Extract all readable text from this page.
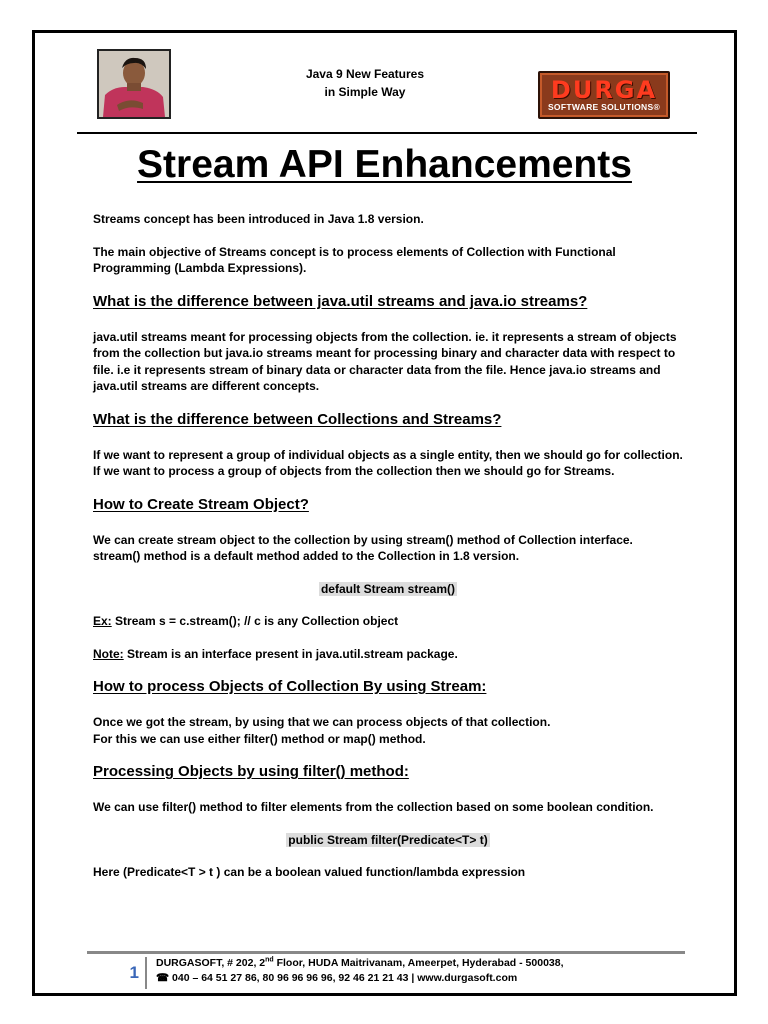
Java 9 New Features
in Simple Way	DURGA
SOFTWARE SOLUTIONS®
Stream API Enhancements

Streams concept has been introduced in Java 1.8 version.

The main objective of Streams concept is to process elements of Collection with Functional Programming (Lambda Expressions).

What is the difference between java.util streams and java.io streams?

java.util streams meant for processing objects from the collection. ie. it represents a stream of objects from the collection but java.io streams meant for processing binary and character data with respect to file. i.e it represents stream of binary data or character data from the file. Hence java.io streams and java.util streams are different concepts.

What is the difference between Collections and Streams?

If we want to represent a group of individual objects as a single entity, then we should go for collection. If we want to process a group of objects from the collection then we should go for Streams.

How to Create Stream Object?

We can create stream object to the collection by using stream() method of Collection interface. stream() method is a default method added to the Collection in 1.8 version.

default Stream stream()

Ex: Stream s = c.stream(); // c is any Collection object

Note: Stream is an interface present in java.util.stream package.

How to process Objects of Collection By using Stream:

Once we got the stream, by using that we can process objects of that collection.
For this we can use either filter() method or map() method.

Processing Objects by using filter() method:

We can use filter() method to filter elements from the collection based on some boolean condition.

public Stream filter(Predicate<T> t)

Here (Predicate<T > t ) can be a boolean valued function/lambda expression

1	DURGASOFT, # 202, 2nd Floor, HUDA Maitrivanam, Ameerpet, Hyderabad - 500038,
☎ 040 – 64 51 27 86, 80 96 96 96 96, 92 46 21 21 43 | www.durgasoft.com
